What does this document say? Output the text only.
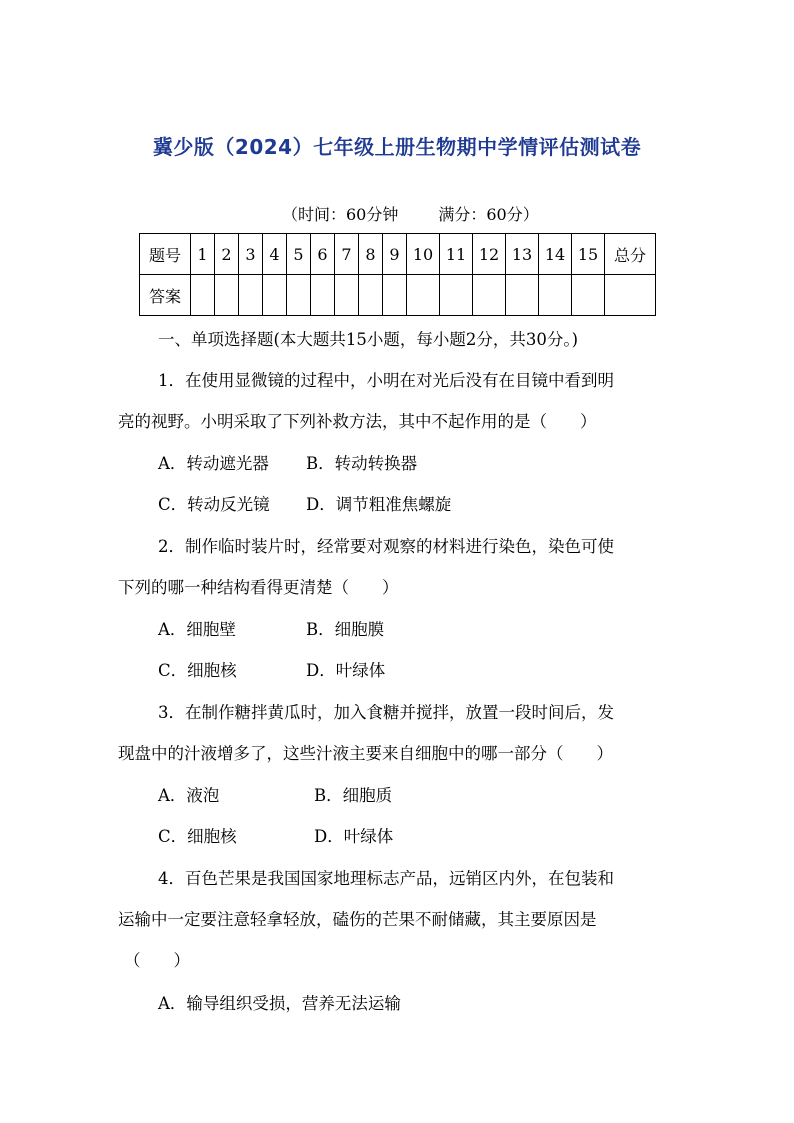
冀少版（2024）七年级上册生物期中学情评估测试卷
（时间：60分钟	满分：60分）
题号	1	2	3	4	5	6	7	8	9	10	11	12	13	14	15	总分
答案																
一、单项选择题(本大题共15小题，每小题2分，共30分。)
1．在使用显微镜的过程中，小明在对光后没有在目镜中看到明
亮的视野。小明采取了下列补救方法，其中不起作用的是（　　）
A．转动遮光器 B．转动转换器
C．转动反光镜 D．调节粗准焦螺旋
2．制作临时装片时，经常要对观察的材料进行染色，染色可使
下列的哪一种结构看得更清楚（　　）
A．细胞壁	B．细胞膜
C．细胞核	D．叶绿体
3．在制作糖拌黄瓜时，加入食糖并搅拌，放置一段时间后，发
现盘中的汁液增多了，这些汁液主要来自细胞中的哪一部分（　　）
A．液泡	B．细胞质
C．细胞核	D．叶绿体
4．百色芒果是我国国家地理标志产品，远销区内外，在包装和
运输中一定要注意轻拿轻放，磕伤的芒果不耐储藏，其主要原因是
（　　）
A．输导组织受损，营养无法运输
